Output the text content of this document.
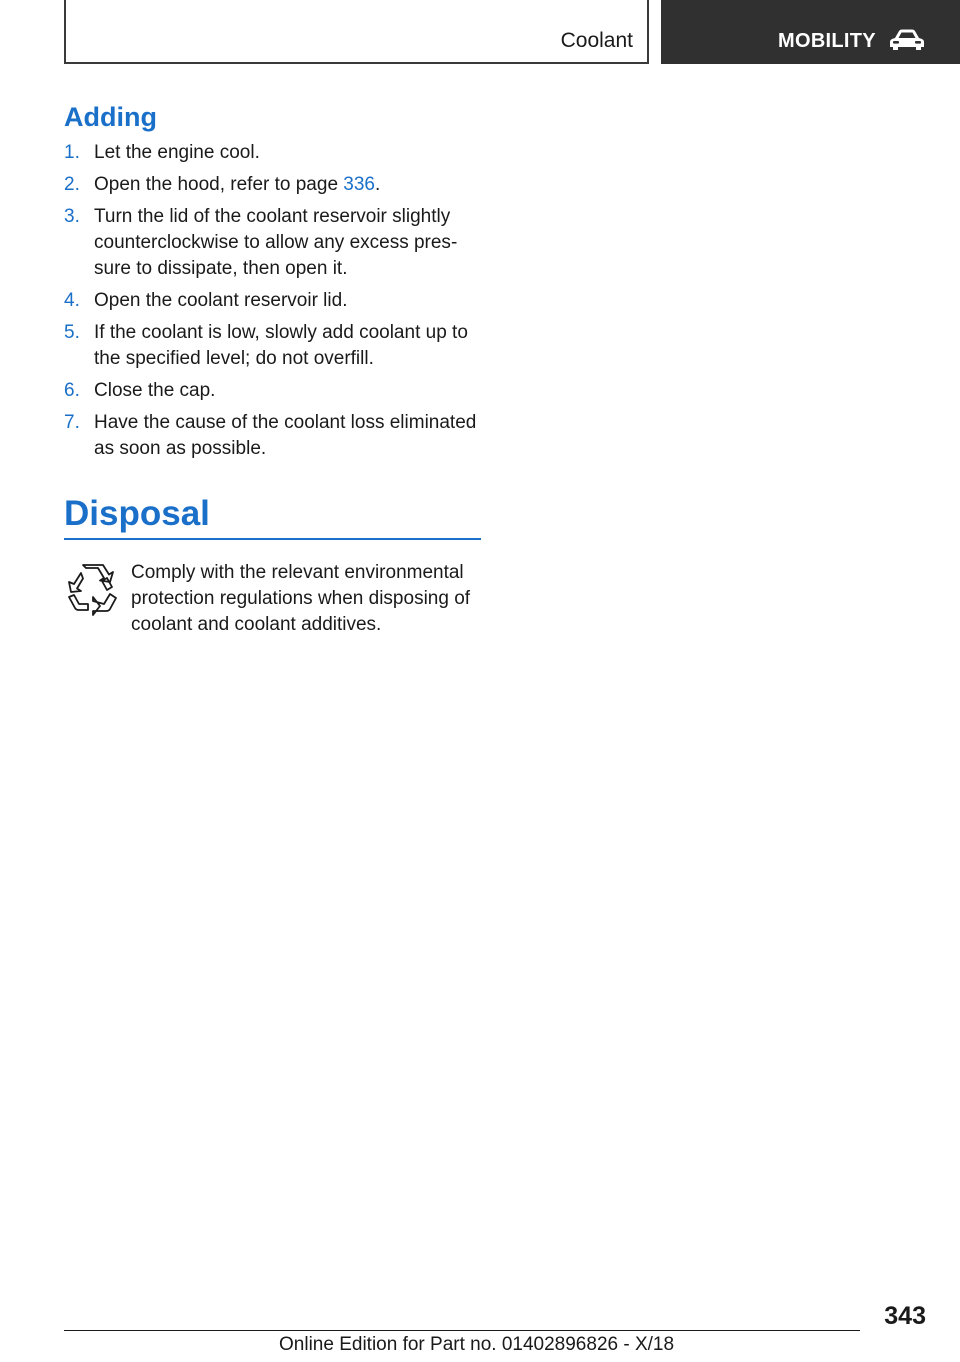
Coolant	MOBILITY
Adding
1. Let the engine cool.
2. Open the hood, refer to page 336.
3. Turn the lid of the coolant reservoir slightly counterclockwise to allow any excess pressure to dissipate, then open it.
4. Open the coolant reservoir lid.
5. If the coolant is low, slowly add coolant up to the specified level; do not overfill.
6. Close the cap.
7. Have the cause of the coolant loss eliminated as soon as possible.
Disposal
Comply with the relevant environmental protection regulations when disposing of coolant and coolant additives.
343
Online Edition for Part no. 01402896826 - X/18
